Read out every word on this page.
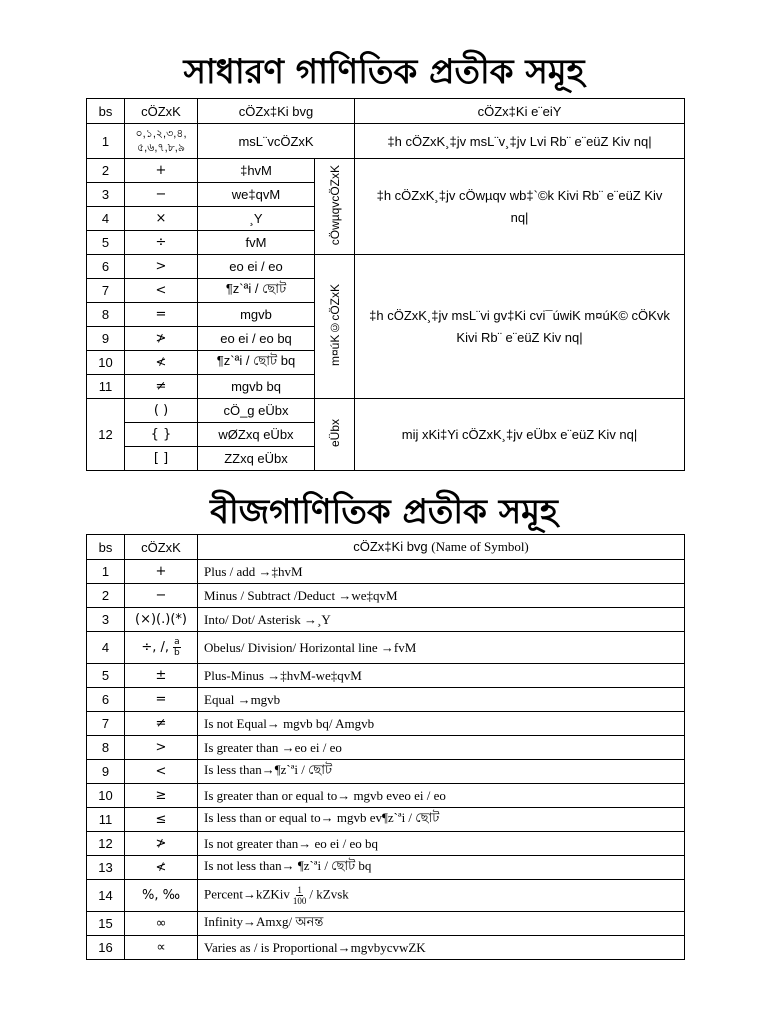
সাধারণ গাণিতিক প্রতীক সমূহ
bs	cÖZxK	cÖZx‡Ki bvg		cÖZx‡Ki e¨eiY
1	০,১,২,৩,৪, ৫,৬,৭,৮,৯	msL¨vcÖZxK		‡h cÖZxK¸‡jv msL¨v¸‡jv Lvi Rb¨ e¨eüZ Kiv nq|
2	+	‡hvM	cÖwµqvcÖZxK	‡h cÖZxK¸‡jv cÖwµqv wb‡`©k Kivi Rb¨ e¨eüZ Kiv nq|
3	−	we‡qvM		
4	×	¸Y		
5	÷	fvM		
6	>	eo ei / eo	m¤úK©cÖZxK	‡h cÖZxK¸‡jv msL¨vi gv‡Ki cvi¯úwiK m¤úK© cÖKvk Kivi Rb¨ e¨eüZ Kiv nq|
7	<	¶z`ªi / ছোট		
8	=	mgvb		
9	≯	eo ei / eo bq		
10	≮	¶z`ªi / ছোট bq		
11	≠	mgvb bq		
12	( )	cÖ_g eÜbx	eÜbx	mij xKi‡Yi cÖZxK¸‡jv eÜbx e¨eüZ Kiv nq|
	{ }	wØZxq eÜbx		
	[ ]	ZZxq eÜbx		
বীজগাণিতিক প্রতীক সমূহ
bs	cÖZxK	cÖZx‡Ki bvg (Name of Symbol)
1	+	Plus / add →‡hvM
2	−	Minus / Subtract /Deduct →we‡qvM
3	(×)(.)(*)	Into/ Dot/ Asterisk →¸Y
4	÷, /, $\frac{a}{b}$	Obelus/ Division/ Horizontal line →fvM
5	±	Plus-Minus →‡hvM-we‡qvM
6	=	Equal →mgvb
7	≠	Is not Equal→ mgvb bq/ Amgvb
8	>	Is greater than →eo ei / eo
9	<	Is less than→¶z`ªi / ছোট
10	≥	Is greater than or equal to→ mgvb eveo ei / eo
11	≤	Is less than or equal to→ mgvb ev¶z`ªi / ছোট
12	≯	Is not greater than→ eo ei / eo bq
13	≮	Is not less than→ ¶z`ªi / ছোট bq
14	%, ‰	Percent→kZKiv $\frac{1}{100}$ / kZvsk
15	∞	Infinity→Amxg/ অনন্ত
16	∝	Varies as / is Proportional→mgvbycvwZK
